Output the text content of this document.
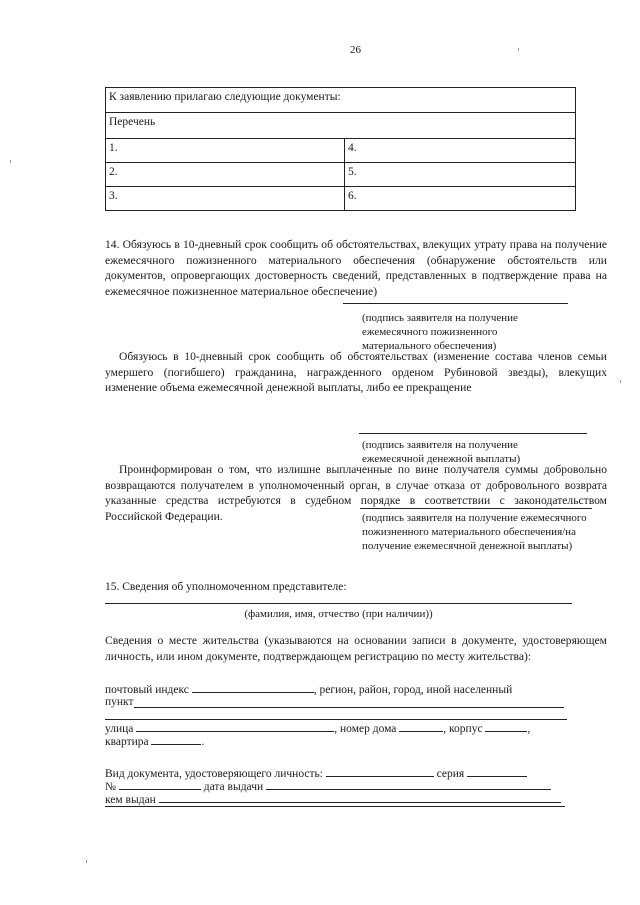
26
К заявлению прилагаю следующие документы:	
Перечень	
1.	4.
2.	5.
3.	6.
14. Обязуюсь в 10-дневный срок сообщить об обстоятельствах, влекущих утрату права на получение ежемесячного пожизненного материального обеспечения (обнаружение обстоятельств или документов, опровергающих достоверность сведений, представленных в подтверждение права на ежемесячное пожизненное материальное обеспечение)
(подпись заявителя на получение ежемесячного пожизненного материального обеспечения)
Обязуюсь в 10-дневный срок сообщить об обстоятельствах (изменение состава членов семьи умершего (погибшего) гражданина, награжденного орденом Рубиновой звезды), влекущих изменение объема ежемесячной денежной выплаты, либо ее прекращение
(подпись заявителя на получение ежемесячной денежной выплаты)
Проинформирован о том, что излишне выплаченные по вине получателя суммы добровольно возвращаются получателем в уполномоченный орган, в случае отказа от добровольного возврата указанные средства истребуются в судебном порядке в соответствии с законодательством Российской Федерации.	(подпись заявителя на получение ежемесячного пожизненного материального обеспечения/на получение ежемесячной денежной выплаты)
15. Сведения об уполномоченном представителе:
(фамилия, имя, отчество (при наличии))
Сведения о месте жительства (указываются на основании записи в документе, удостоверяющем личность, или ином документе, подтверждающем регистрацию по месту жительства):
почтовый индекс	, регион, район, город, иной населенный
пункт
улица	, номер дома	, корпус	,
квартира	.
Вид документа, удостоверяющего личность:	серия
№	дата выдачи
кем выдан
